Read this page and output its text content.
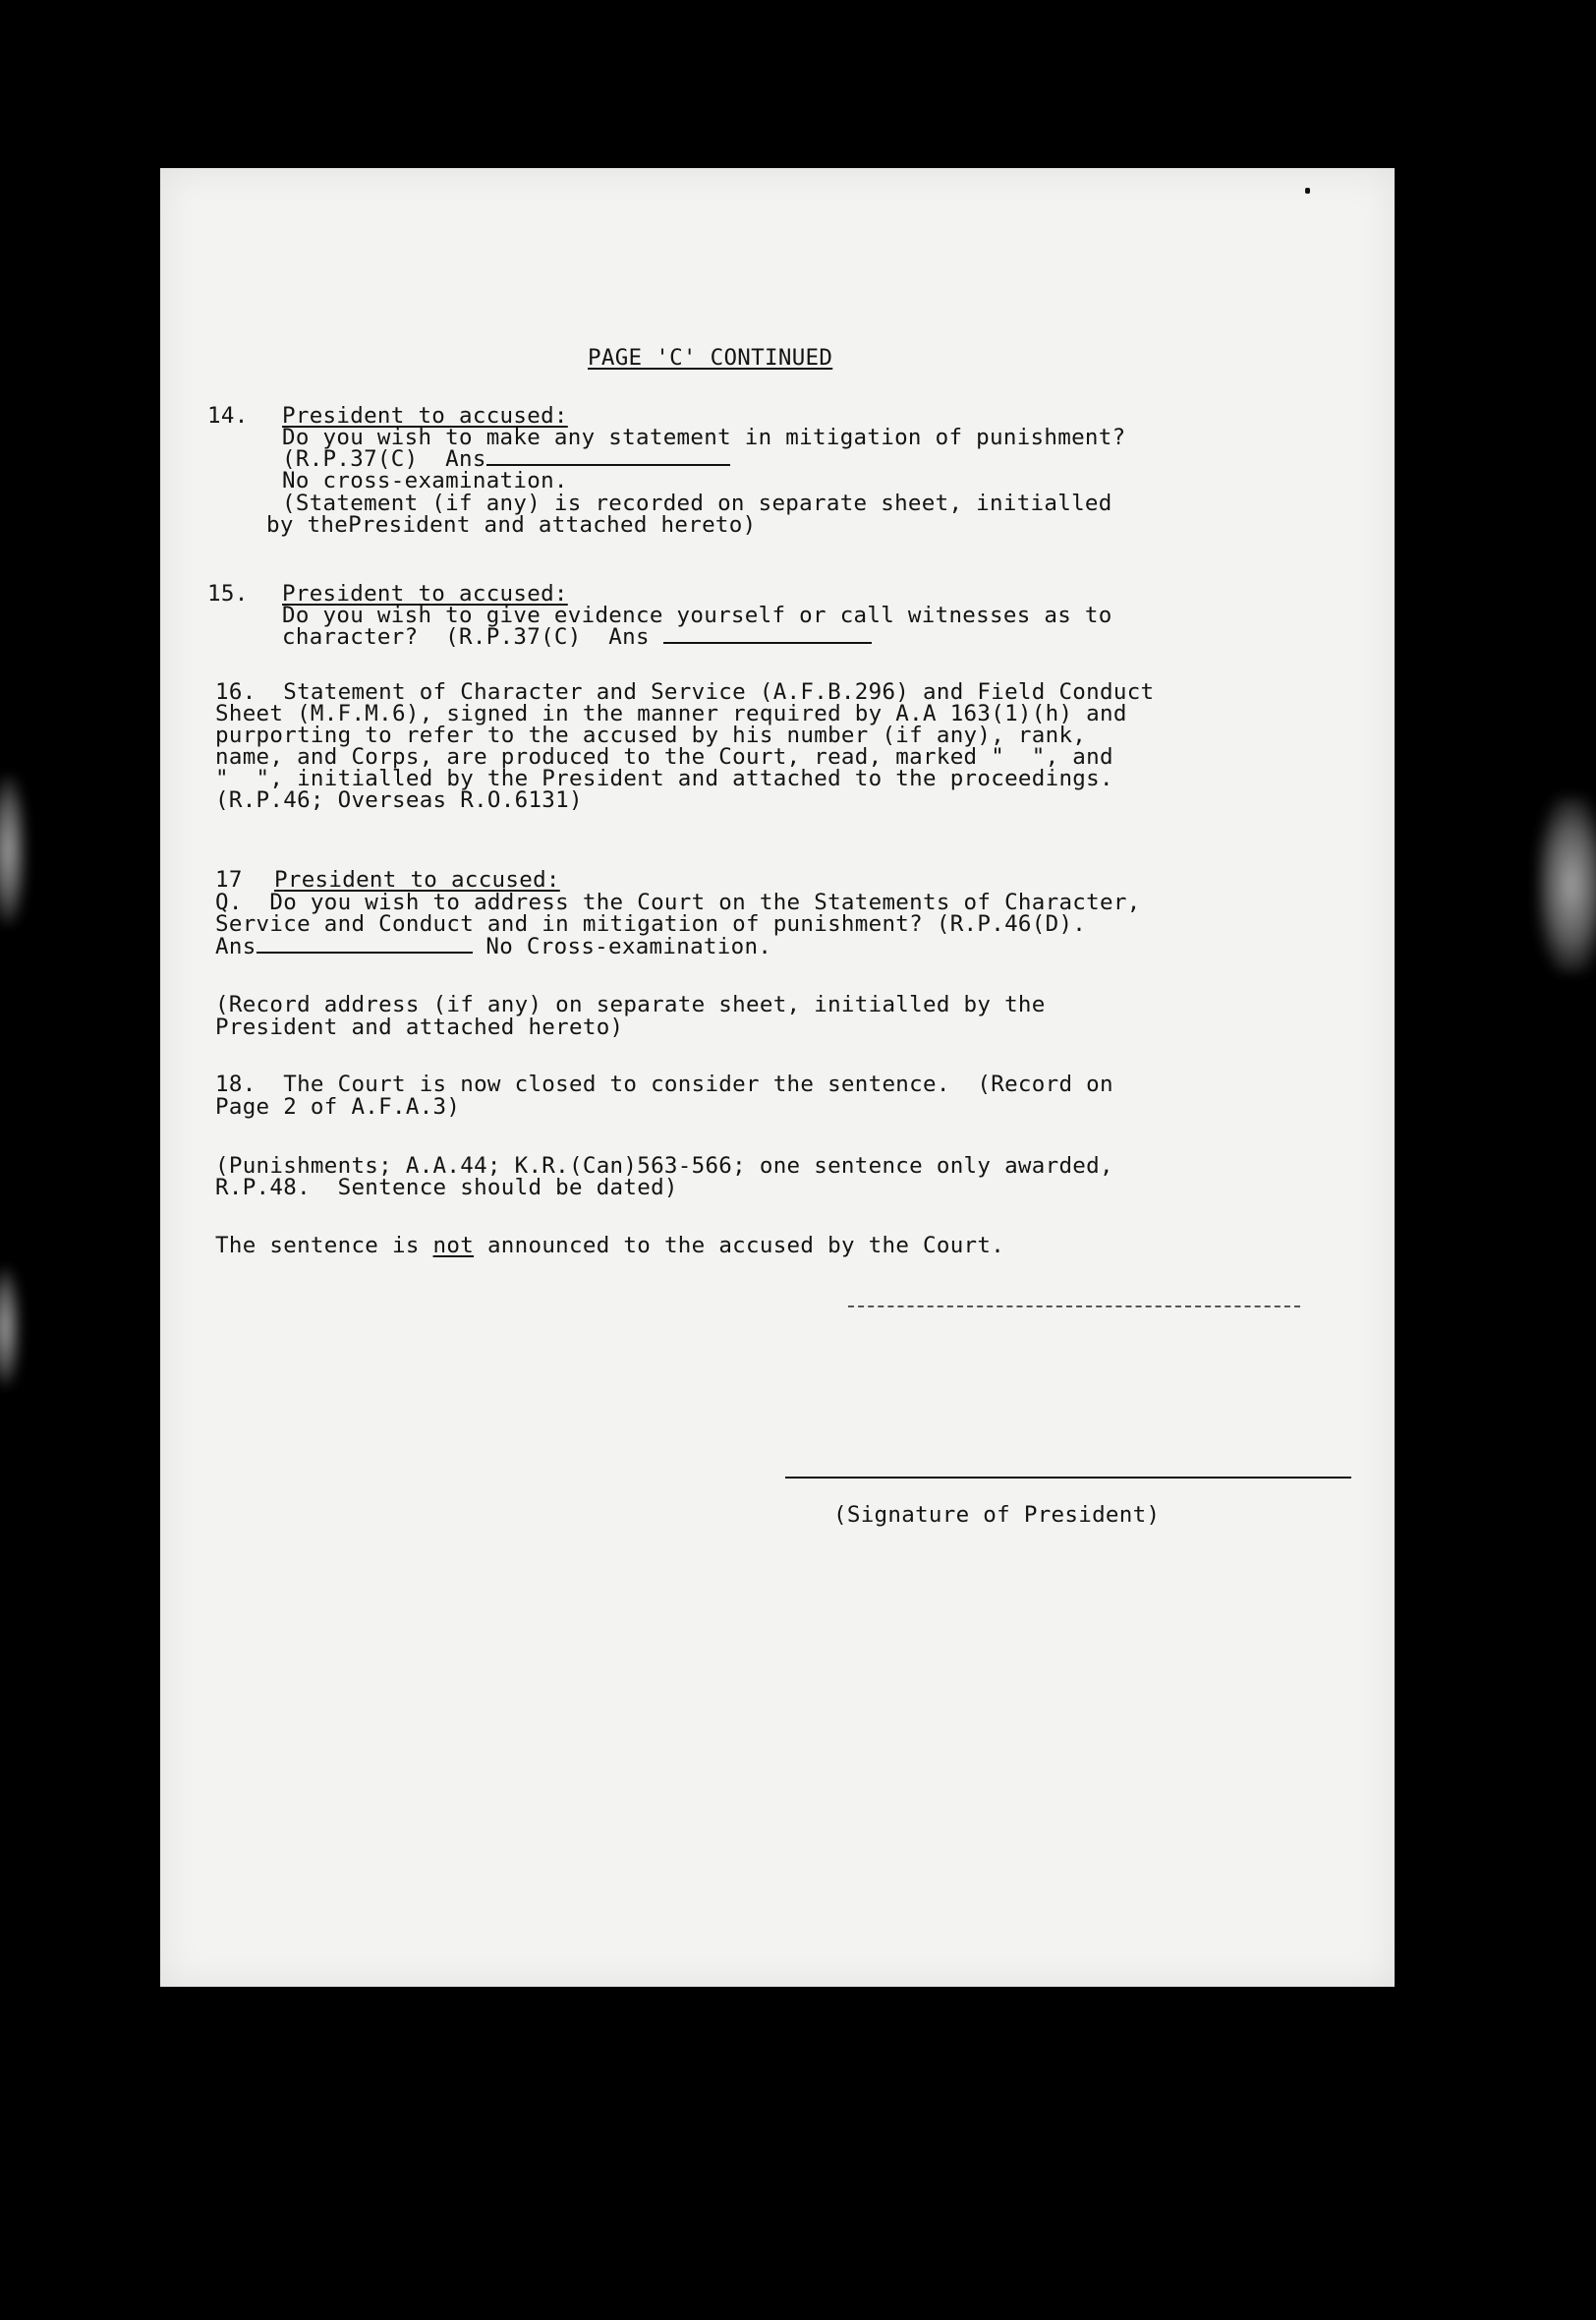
PAGE 'C' CONTINUED
14. President to accused:
Do you wish to make any statement in mitigation of punishment?
(R.P.37(C)  Ans
No cross-examination.
(Statement (if any) is recorded on separate sheet, initialled
by thePresident and attached hereto)
15. President to accused:
Do you wish to give evidence yourself or call witnesses as to
character?  (R.P.37(C)  Ans
16.  Statement of Character and Service (A.F.B.296) and Field Conduct
Sheet (M.F.M.6), signed in the manner required by A.A 163(1)(h) and
purporting to refer to the accused by his number (if any), rank,
name, and Corps, are produced to the Court, read, marked "  ", and
"  ", initialled by the President and attached to the proceedings.
(R.P.46; Overseas R.O.6131)
17 President to accused:
Q.  Do you wish to address the Court on the Statements of Character,
Service and Conduct and in mitigation of punishment? (R.P.46(D).
Ans	No Cross-examination.
(Record address (if any) on separate sheet, initialled by the
President and attached hereto)
18.  The Court is now closed to consider the sentence.  (Record on
Page 2 of A.F.A.3)
(Punishments; A.A.44; K.R.(Can)563-566; one sentence only awarded,
R.P.48.  Sentence should be dated)
The sentence is not announced to the accused by the Court.
(Signature of President)
